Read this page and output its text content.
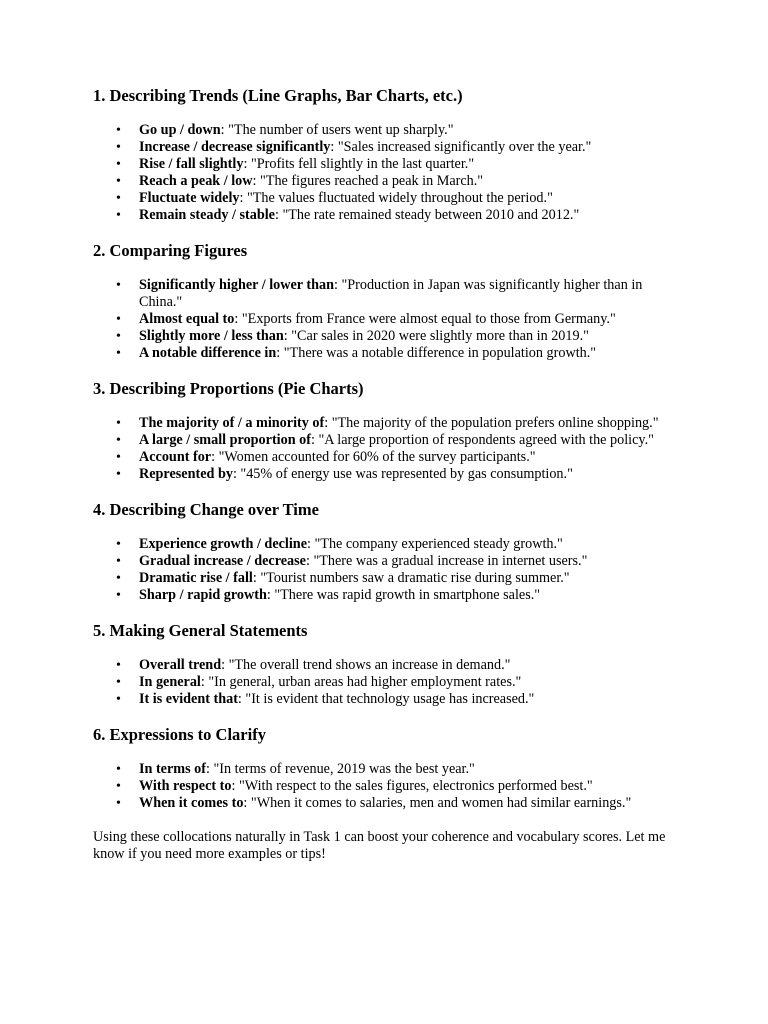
1. Describing Trends (Line Graphs, Bar Charts, etc.)
• Go up / down: "The number of users went up sharply."
• Increase / decrease significantly: "Sales increased significantly over the year."
• Rise / fall slightly: "Profits fell slightly in the last quarter."
• Reach a peak / low: "The figures reached a peak in March."
• Fluctuate widely: "The values fluctuated widely throughout the period."
• Remain steady / stable: "The rate remained steady between 2010 and 2012."
2. Comparing Figures
• Significantly higher / lower than: "Production in Japan was significantly higher than in China."
• Almost equal to: "Exports from France were almost equal to those from Germany."
• Slightly more / less than: "Car sales in 2020 were slightly more than in 2019."
• A notable difference in: "There was a notable difference in population growth."
3. Describing Proportions (Pie Charts)
• The majority of / a minority of: "The majority of the population prefers online shopping."
• A large / small proportion of: "A large proportion of respondents agreed with the policy."
• Account for: "Women accounted for 60% of the survey participants."
• Represented by: "45% of energy use was represented by gas consumption."
4. Describing Change over Time
• Experience growth / decline: "The company experienced steady growth."
• Gradual increase / decrease: "There was a gradual increase in internet users."
• Dramatic rise / fall: "Tourist numbers saw a dramatic rise during summer."
• Sharp / rapid growth: "There was rapid growth in smartphone sales."
5. Making General Statements
• Overall trend: "The overall trend shows an increase in demand."
• In general: "In general, urban areas had higher employment rates."
• It is evident that: "It is evident that technology usage has increased."
6. Expressions to Clarify
• In terms of: "In terms of revenue, 2019 was the best year."
• With respect to: "With respect to the sales figures, electronics performed best."
• When it comes to: "When it comes to salaries, men and women had similar earnings."

Using these collocations naturally in Task 1 can boost your coherence and vocabulary scores. Let me know if you need more examples or tips!
